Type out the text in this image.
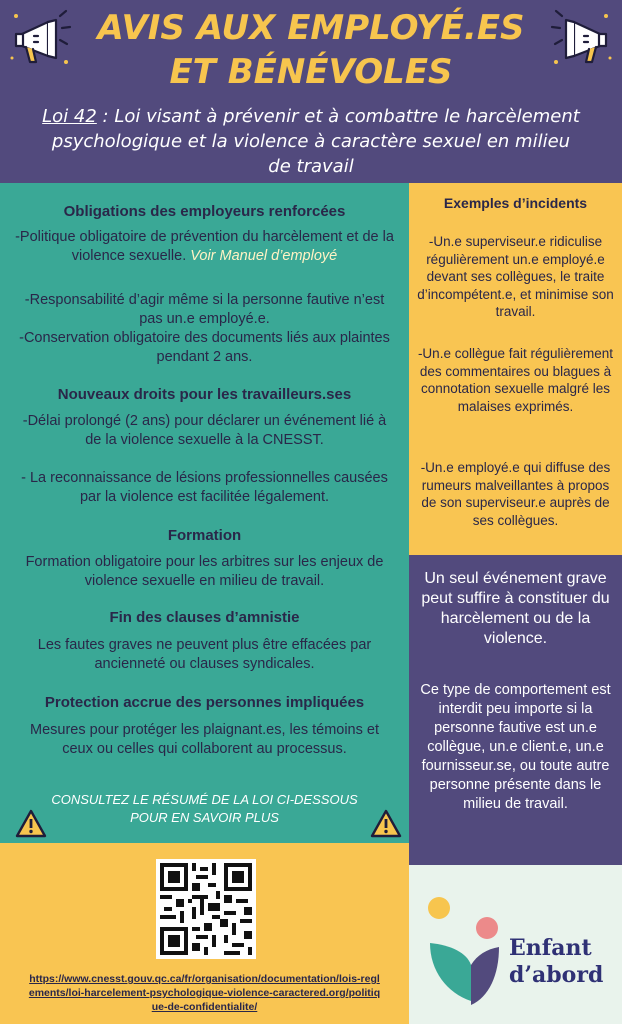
AVIS AUX EMPLOYÉ.ES
ET BÉNÉVOLES
Loi 42 : Loi visant à prévenir et à combattre le harcèlement psychologique et la violence à caractère sexuel en milieu de travail
Obligations des employeurs renforcées

-Politique obligatoire de prévention du harcèlement et de la violence sexuelle. Voir Manuel d’employé

-Responsabilité d’agir même si la personne fautive n’est pas un.e employé.e.

-Conservation obligatoire des documents liés aux plaintes pendant 2 ans.

Nouveaux droits pour les travailleurs.ses

-Délai prolongé (2 ans) pour déclarer un événement lié à de la violence sexuelle à la CNESST.

- La reconnaissance de lésions professionnelles causées par la violence est facilitée légalement.

Formation

Formation obligatoire pour les arbitres sur les enjeux de violence sexuelle en milieu de travail.

Fin des clauses d’amnistie

Les fautes graves ne peuvent plus être effacées par ancienneté ou clauses syndicales.

Protection accrue des personnes impliquées

Mesures pour protéger les plaignant.es, les témoins et ceux ou celles qui collaborent au processus.

CONSULTEZ LE RÉSUMÉ DE LA LOI CI-DESSOUS
POUR EN SAVOIR PLUS
Exemples d’incidents

-Un.e superviseur.e ridiculise régulièrement un.e employé.e devant ses collègues, le traite d’incompétent.e, et minimise son travail.

-Un.e collègue fait régulièrement des commentaires ou blagues à connotation sexuelle malgré les malaises exprimés.

-Un.e employé.e qui diffuse des rumeurs malveillantes à propos de son superviseur.e auprès de ses collègues.

Un seul événement grave peut suffire à constituer du harcèlement ou de la violence.

Ce type de comportement est interdit peu importe si la personne fautive est un.e collègue, un.e client.e, un.e fournisseur.se, ou toute autre personne présente dans le milieu de travail.

https://www.cnesst.gouv.qc.ca/fr/organisation/documentation/lois-reglements/loi-harcelement-psychologique-violence-caractered.org/politique-de-confidentialite/
Enfant
d’abord
